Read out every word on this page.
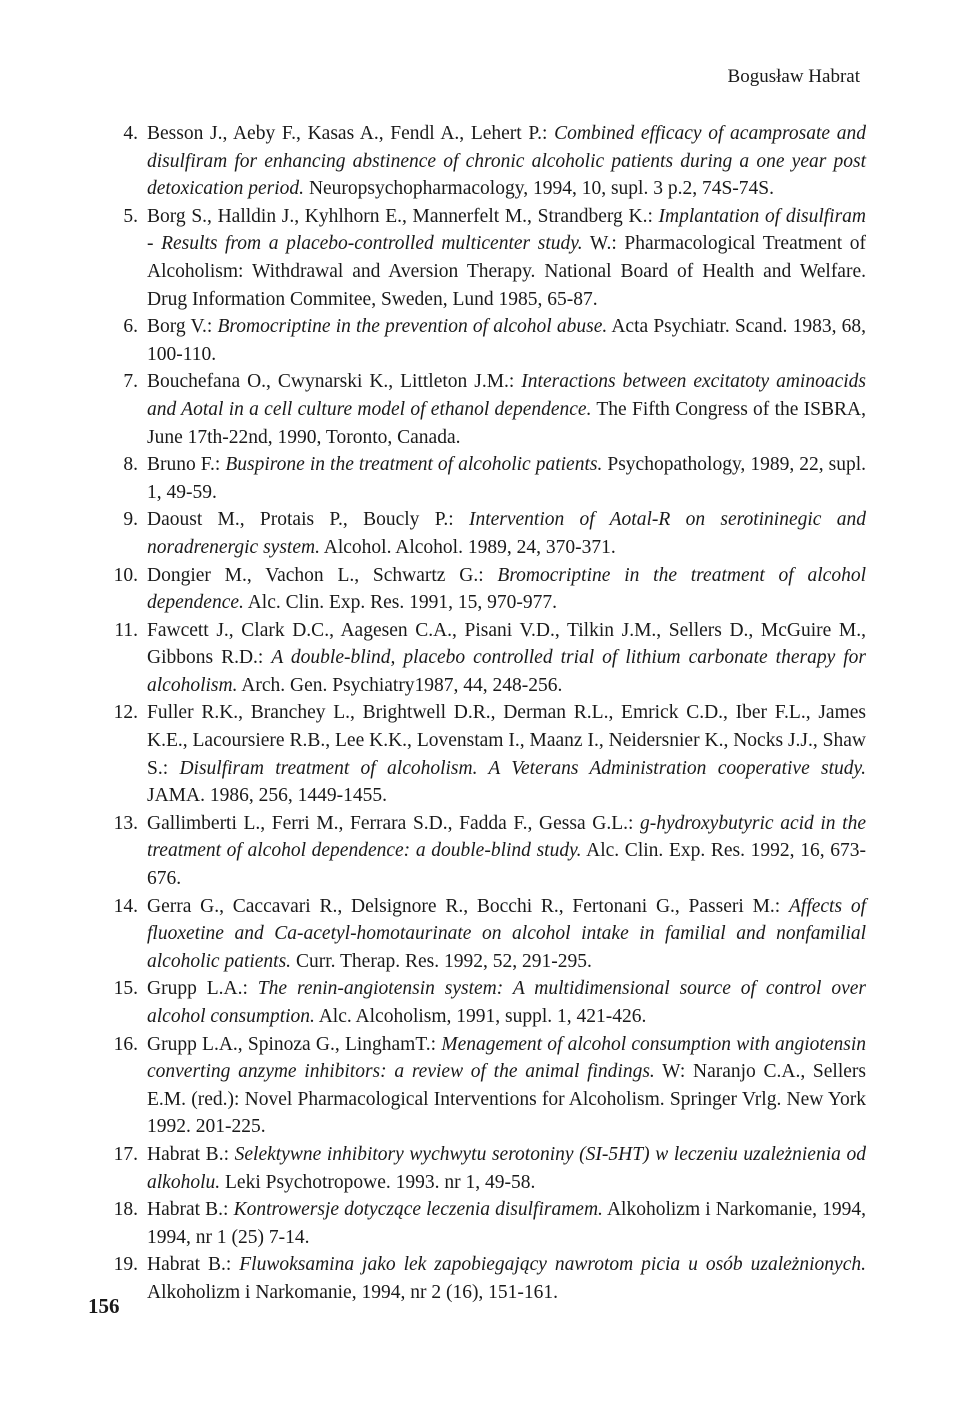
Bogusław Habrat
4. Besson J., Aeby F., Kasas A., Fendl A., Lehert P.: Combined efficacy of acamprosate and disulfiram for enhancing abstinence of chronic alcoholic patients during a one year post detoxication period. Neuropsychopharmacology, 1994, 10, supl. 3 p.2, 74S-74S.
5. Borg S., Halldin J., Kyhlhorn E., Mannerfelt M., Strandberg K.: Implantation of disulfiram - Results from a placebo-controlled multicenter study. W.: Pharmacological Treatment of Alcoholism: Withdrawal and Aversion Therapy. National Board of Health and Welfare. Drug Information Commitee, Sweden, Lund 1985, 65-87.
6. Borg V.: Bromocriptine in the prevention of alcohol abuse. Acta Psychiatr. Scand. 1983, 68, 100-110.
7. Bouchefana O., Cwynarski K., Littleton J.M.: Interactions between excitatoty aminoacids and Aotal in a cell culture model of ethanol dependence. The Fifth Congress of the ISBRA, June 17th-22nd, 1990, Toronto, Canada.
8. Bruno F.: Buspirone in the treatment of alcoholic patients. Psychopathology, 1989, 22, supl. 1, 49-59.
9. Daoust M., Protais P., Boucly P.: Intervention of Aotal-R on serotininegic and noradrenergic system. Alcohol. Alcohol. 1989, 24, 370-371.
10. Dongier M., Vachon L., Schwartz G.: Bromocriptine in the treatment of alcohol dependence. Alc. Clin. Exp. Res. 1991, 15, 970-977.
11. Fawcett J., Clark D.C., Aagesen C.A., Pisani V.D., Tilkin J.M., Sellers D., McGuire M., Gibbons R.D.: A double-blind, placebo controlled trial of lithium carbonate therapy for alcoholism. Arch. Gen. Psychiatry1987, 44, 248-256.
12. Fuller R.K., Branchey L., Brightwell D.R., Derman R.L., Emrick C.D., Iber F.L., James K.E., Lacoursiere R.B., Lee K.K., Lovenstam I., Maanz I., Neidersnier K., Nocks J.J., Shaw S.: Disulfiram treatment of alcoholism. A Veterans Administration cooperative study. JAMA. 1986, 256, 1449-1455.
13. Gallimberti L., Ferri M., Ferrara S.D., Fadda F., Gessa G.L.: g-hydroxybutyric acid in the treatment of alcohol dependence: a double-blind study. Alc. Clin. Exp. Res. 1992, 16, 673-676.
14. Gerra G., Caccavari R., Delsignore R., Bocchi R., Fertonani G., Passeri M.: Affects of fluoxetine and Ca-acetyl-homotaurinate on alcohol intake in familial and nonfamilial alcoholic patients. Curr. Therap. Res. 1992, 52, 291-295.
15. Grupp L.A.: The renin-angiotensin system: A multidimensional source of control over alcohol consumption. Alc. Alcoholism, 1991, suppl. 1, 421-426.
16. Grupp L.A., Spinoza G., LinghamT.: Menagement of alcohol consumption with angiotensin converting anzyme inhibitors: a review of the animal findings. W: Naranjo C.A., Sellers E.M. (red.): Novel Pharmacological Interventions for Alcoholism. Springer Vrlg. New York 1992. 201-225.
17. Habrat B.: Selektywne inhibitory wychwytu serotoniny (SI-5HT) w leczeniu uzależnienia od alkoholu. Leki Psychotropowe. 1993. nr 1, 49-58.
18. Habrat B.: Kontrowersje dotyczące leczenia disulfiramem. Alkoholizm i Narkomanie, 1994, 1994, nr 1 (25) 7-14.
19. Habrat B.: Fluwoksamina jako lek zapobiegający nawrotom picia u osób uzależnionych. Alkoholizm i Narkomanie, 1994, nr 2 (16), 151-161.
156
